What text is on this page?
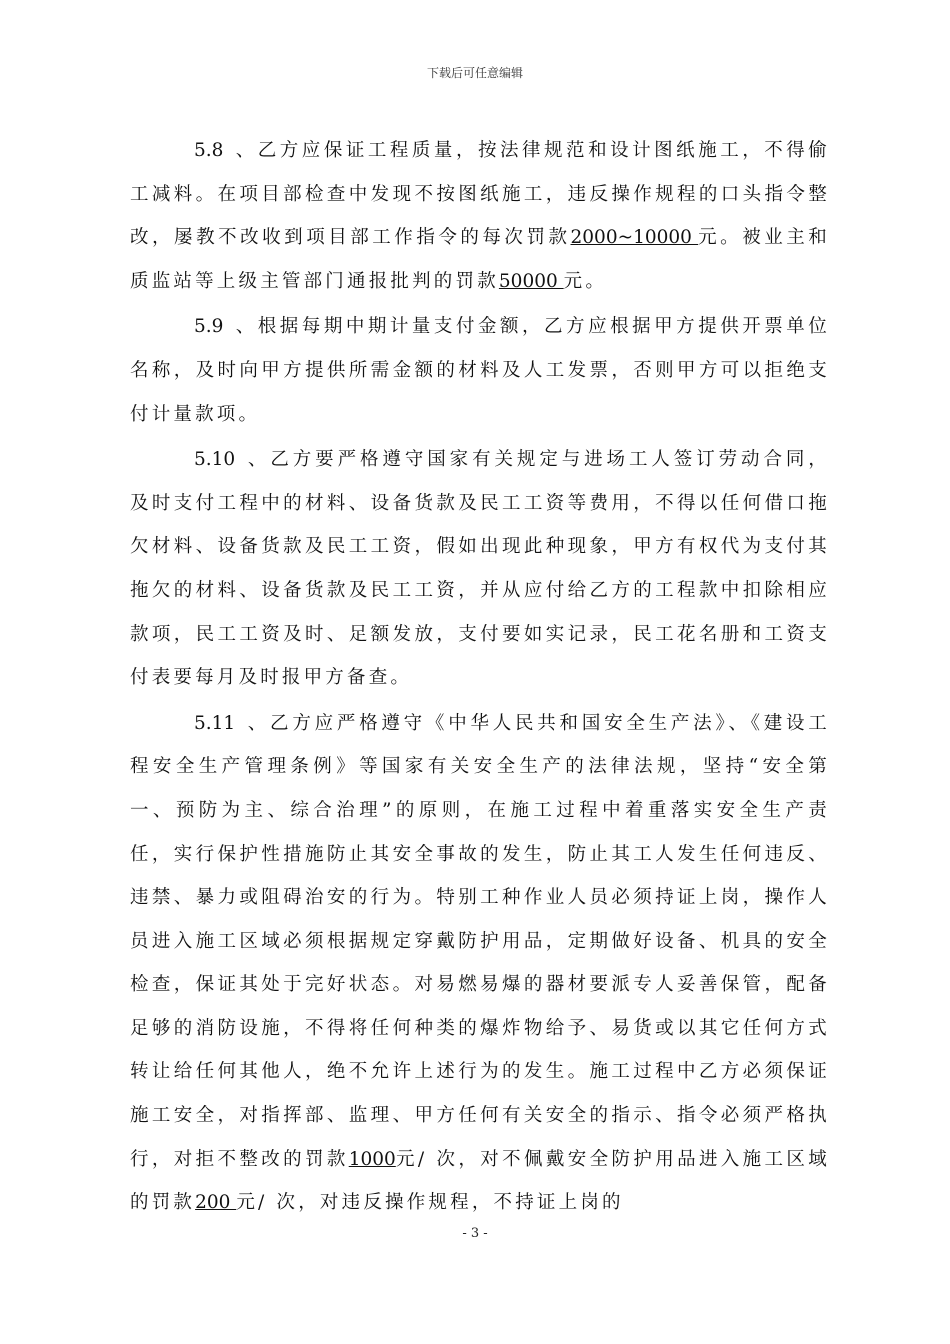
下载后可任意编辑

5.8 、乙方应保证工程质量，按法律规范和设计图纸施工，不得偷工减料。在项目部检查中发现不按图纸施工，违反操作规程的口头指令整改，屡教不改收到项目部工作指令的每次罚款2000~10000 元。被业主和质监站等上级主管部门通报批判的罚款50000 元。

5.9 、根据每期中期计量支付金额，乙方应根据甲方提供开票单位名称，及时向甲方提供所需金额的材料及人工发票，否则甲方可以拒绝支付计量款项。

5.10 、乙方要严格遵守国家有关规定与进场工人签订劳动合同，及时支付工程中的材料、设备货款及民工工资等费用，不得以任何借口拖欠材料、设备货款及民工工资，假如出现此种现象，甲方有权代为支付其拖欠的材料、设备货款及民工工资，并从应付给乙方的工程款中扣除相应款项，民工工资及时、足额发放，支付要如实记录，民工花名册和工资支付表要每月及时报甲方备查。

5.11 、乙方应严格遵守《中华人民共和国安全生产法》、《建设工程安全生产管理条例》等国家有关安全生产的法律法规，坚持“安全第一、预防为主、综合治理”的原则，在施工过程中着重落实安全生产责任，实行保护性措施防止其安全事故的发生，防止其工人发生任何违反、违禁、暴力或阻碍治安的行为。特别工种作业人员必须持证上岗，操作人员进入施工区域必须根据规定穿戴防护用品，定期做好设备、机具的安全检查，保证其处于完好状态。对易燃易爆的器材要派专人妥善保管，配备足够的消防设施，不得将任何种类的爆炸物给予、易货或以其它任何方式转让给任何其他人，绝不允许上述行为的发生。施工过程中乙方必须保证施工安全，对指挥部、监理、甲方任何有关安全的指示、指令必须严格执行，对拒不整改的罚款1000元/ 次，对不佩戴安全防护用品进入施工区域的罚款200 元/ 次，对违反操作规程，不持证上岗的

- 3 -
